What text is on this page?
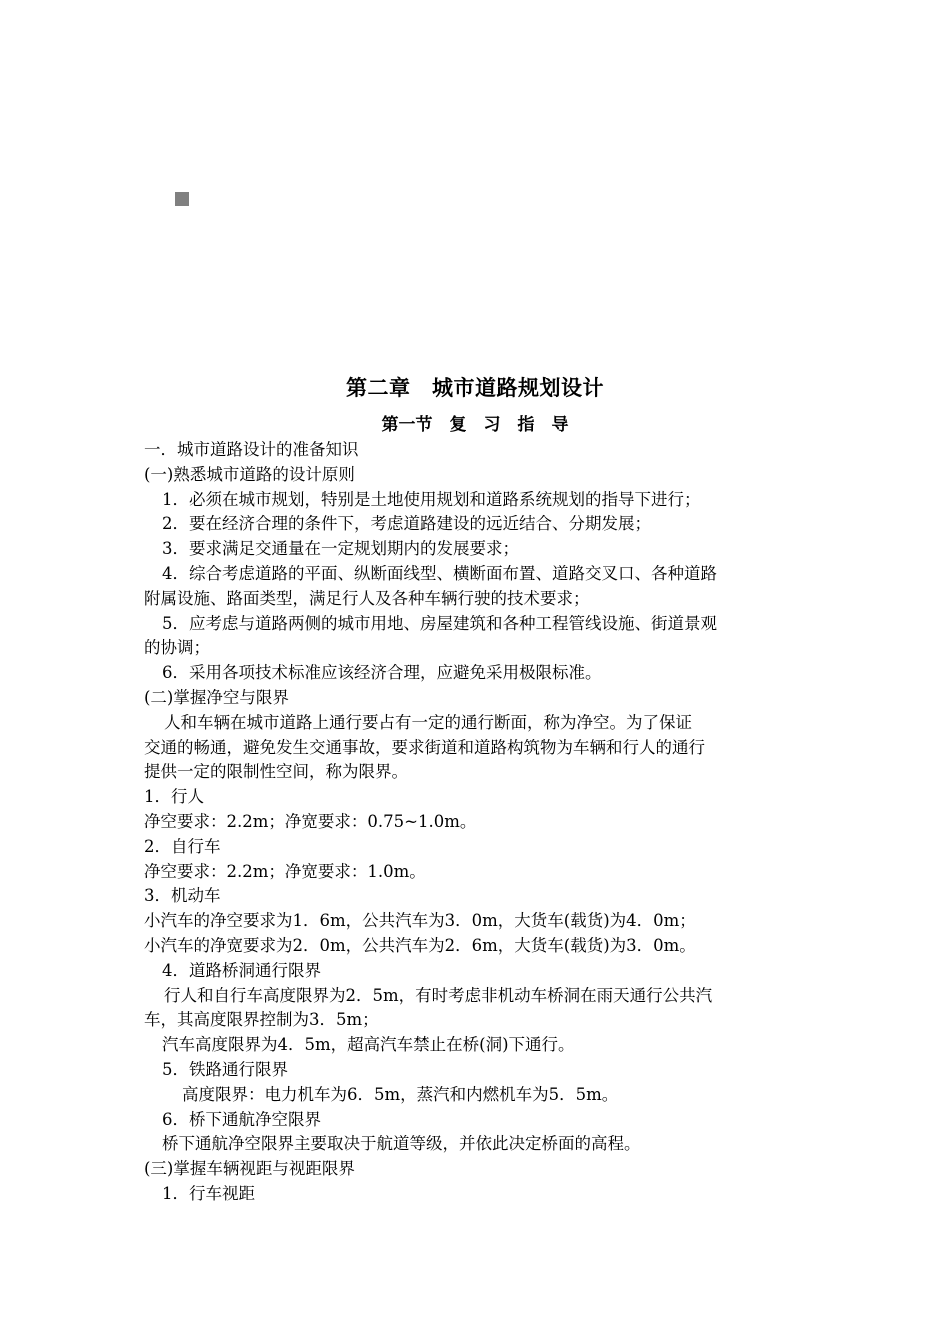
第二章　城市道路规划设计
第一节　复　习　指　导
一．城市道路设计的准备知识
(一)熟悉城市道路的设计原则
1．必须在城市规划，特别是土地使用规划和道路系统规划的指导下进行；
2．要在经济合理的条件下，考虑道路建设的远近结合、分期发展；
3．要求满足交通量在一定规划期内的发展要求；
4．综合考虑道路的平面、纵断面线型、横断面布置、道路交叉口、各种道路
附属设施、路面类型，满足行人及各种车辆行驶的技术要求；
5．应考虑与道路两侧的城市用地、房屋建筑和各种工程管线设施、街道景观
的协调；
6．采用各项技术标准应该经济合理，应避免采用极限标准。
(二)掌握净空与限界
人和车辆在城市道路上通行要占有一定的通行断面，称为净空。为了保证
交通的畅通，避免发生交通事故，要求街道和道路构筑物为车辆和行人的通行
提供一定的限制性空间，称为限界。
1．行人
净空要求：2.2m；净宽要求：0.75~1.0m。
2．自行车
净空要求：2.2m；净宽要求：1.0m。
3．机动车
小汽车的净空要求为1．6m，公共汽车为3．0m，大货车(载货)为4．0m；
小汽车的净宽要求为2．0m，公共汽车为2．6m，大货车(载货)为3．0m。
4．道路桥洞通行限界
行人和自行车高度限界为2．5m，有时考虑非机动车桥洞在雨天通行公共汽
车，其高度限界控制为3．5m；
汽车高度限界为4．5m，超高汽车禁止在桥(洞)下通行。
5．铁路通行限界
高度限界：电力机车为6．5m，蒸汽和内燃机车为5．5m。
6．桥下通航净空限界
桥下通航净空限界主要取决于航道等级，并依此决定桥面的高程。
(三)掌握车辆视距与视距限界
1．行车视距
